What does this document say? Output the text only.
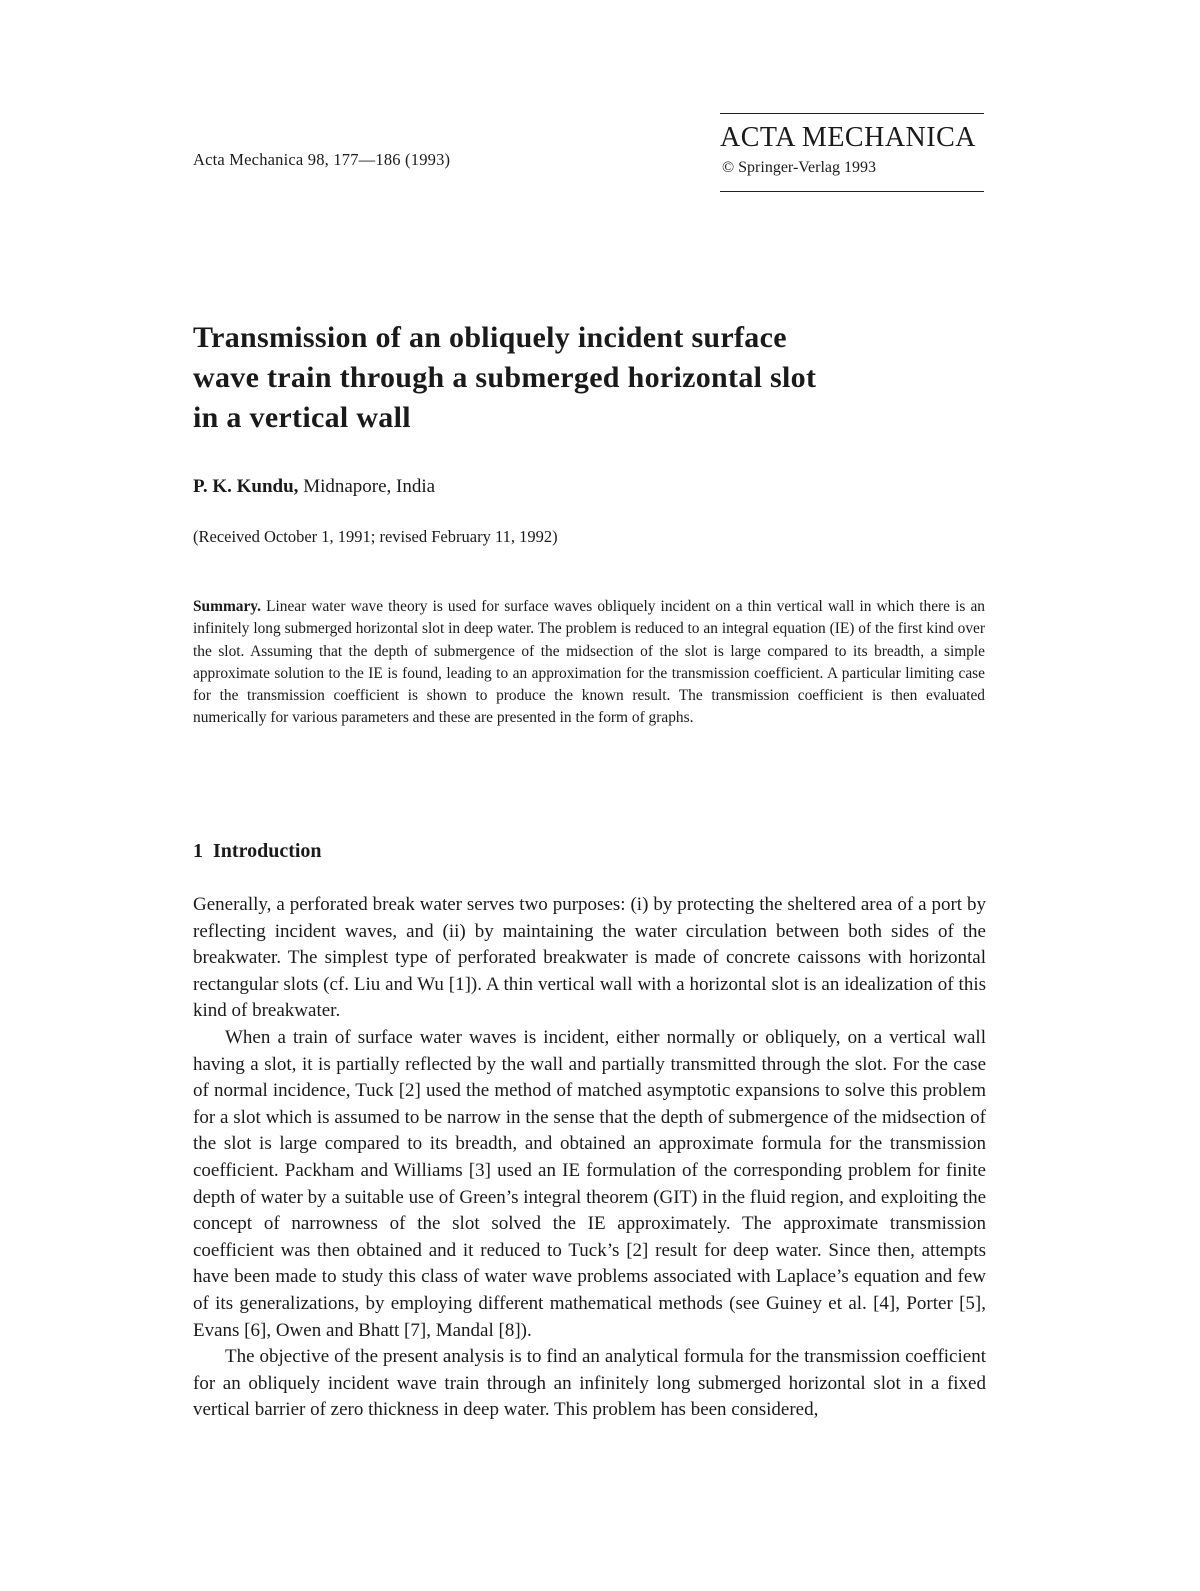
Acta Mechanica 98, 177—186 (1993)
ACTA MECHANICA
© Springer-Verlag 1993
Transmission of an obliquely incident surface
wave train through a submerged horizontal slot
in a vertical wall
P. K. Kundu, Midnapore, India
(Received October 1, 1991; revised February 11, 1992)
Summary. Linear water wave theory is used for surface waves obliquely incident on a thin vertical wall in which there is an infinitely long submerged horizontal slot in deep water. The problem is reduced to an integral equation (IE) of the first kind over the slot. Assuming that the depth of submergence of the midsection of the slot is large compared to its breadth, a simple approximate solution to the IE is found, leading to an approximation for the transmission coefficient. A particular limiting case for the transmission coefficient is shown to produce the known result. The transmission coefficient is then evaluated numerically for various parameters and these are presented in the form of graphs.
1 Introduction

Generally, a perforated break water serves two purposes: (i) by protecting the sheltered area of a port by reflecting incident waves, and (ii) by maintaining the water circulation between both sides of the breakwater. The simplest type of perforated breakwater is made of concrete caissons with horizontal rectangular slots (cf. Liu and Wu [1]). A thin vertical wall with a horizontal slot is an idealization of this kind of breakwater.

When a train of surface water waves is incident, either normally or obliquely, on a vertical wall having a slot, it is partially reflected by the wall and partially transmitted through the slot. For the case of normal incidence, Tuck [2] used the method of matched asymptotic expansions to solve this problem for a slot which is assumed to be narrow in the sense that the depth of submergence of the midsection of the slot is large compared to its breadth, and obtained an approximate formula for the transmission coefficient. Packham and Williams [3] used an IE formulation of the corresponding problem for finite depth of water by a suitable use of Green’s integral theorem (GIT) in the fluid region, and exploiting the concept of narrowness of the slot solved the IE approximately. The approximate transmission coefficient was then obtained and it reduced to Tuck’s [2] result for deep water. Since then, attempts have been made to study this class of water wave problems associated with Laplace’s equation and few of its generalizations, by employing different mathematical methods (see Guiney et al. [4], Porter [5], Evans [6], Owen and Bhatt [7], Mandal [8]).

The objective of the present analysis is to find an analytical formula for the transmission coefficient for an obliquely incident wave train through an infinitely long submerged horizontal slot in a fixed vertical barrier of zero thickness in deep water. This problem has been considered,
